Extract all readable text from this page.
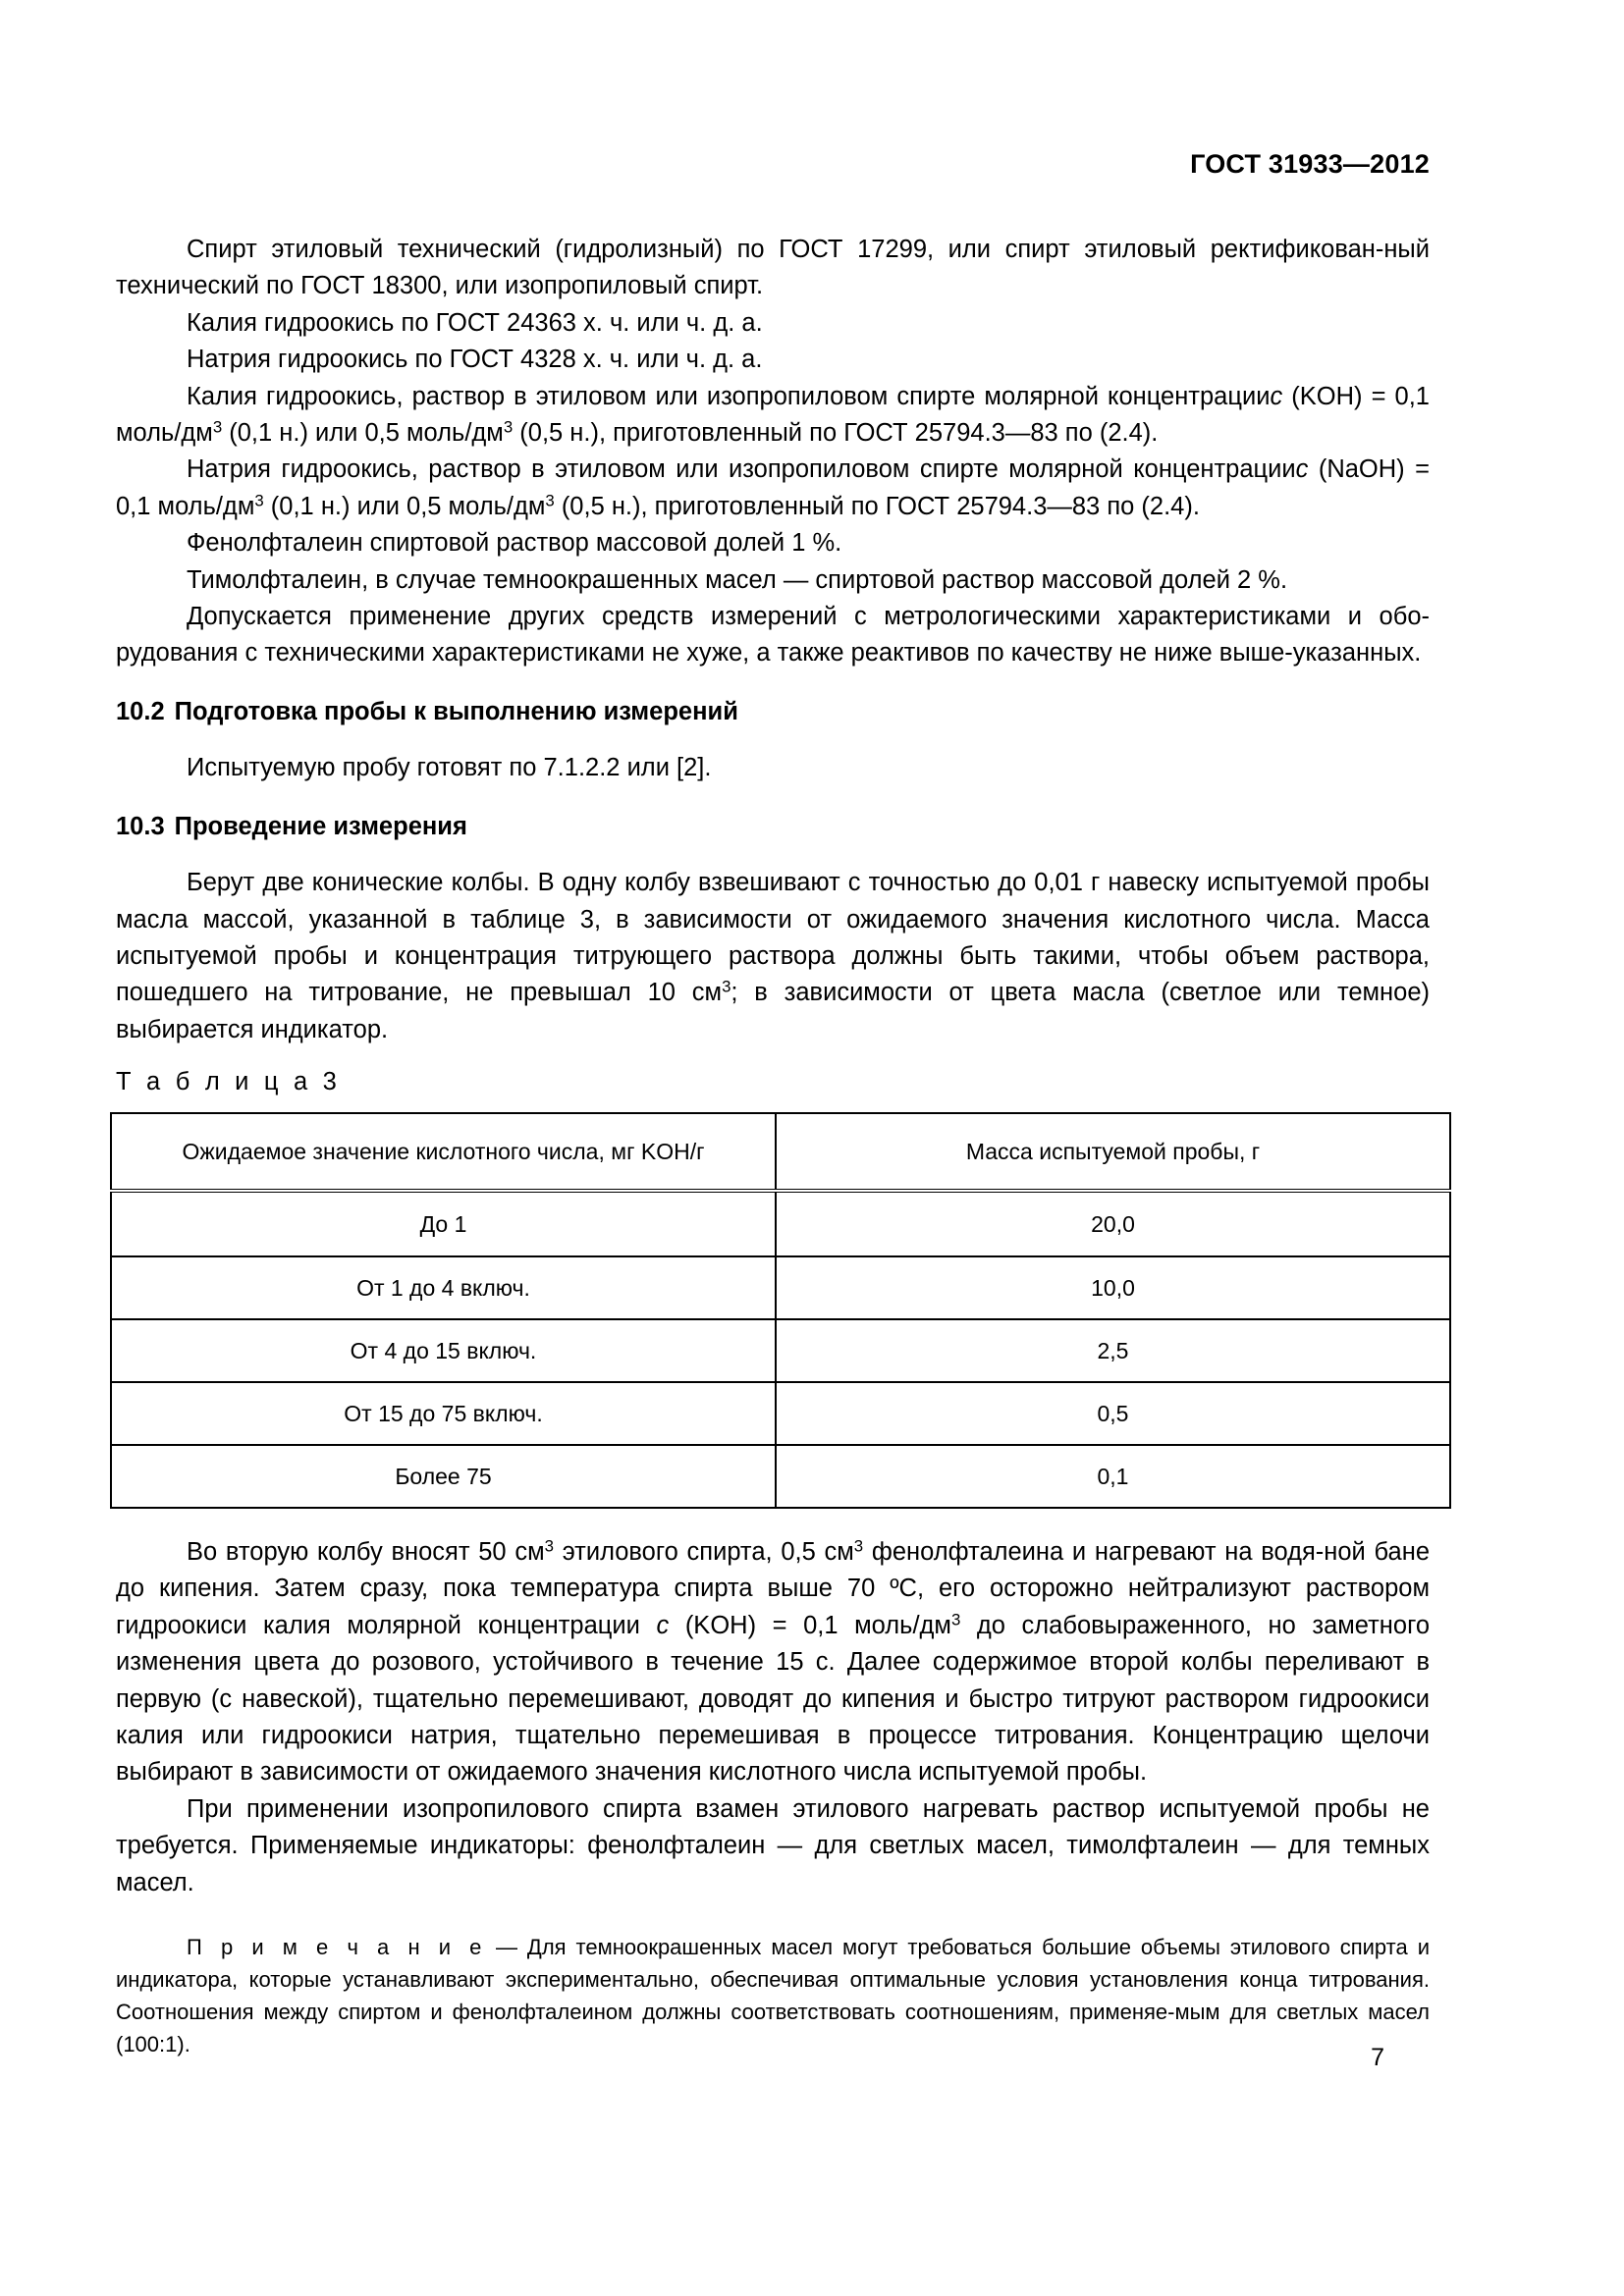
ГОСТ 31933—2012

Спирт этиловый технический (гидролизный) по ГОСТ 17299, или спирт этиловый ректификован-ный технический по ГОСТ 18300, или изопропиловый спирт.

Калия гидроокись по ГОСТ 24363 х. ч. или ч. д. а.

Натрия гидроокись по ГОСТ 4328 х. ч. или ч. д. а.

Калия гидроокись, раствор в этиловом или изопропиловом спирте молярной концентрациис (KOH) = 0,1 моль/$дм^3$ (0,1 н.) или 0,5 моль/$дм^3$ (0,5 н.), приготовленный по ГОСТ 25794.3—83 по (2.4).

Натрия гидроокись, раствор в этиловом или изопропиловом спирте молярной концентрациис (NaOH) = 0,1 моль/$дм^3$ (0,1 н.) или 0,5 моль/$дм^3$ (0,5 н.), приготовленный по ГОСТ 25794.3—83 по (2.4).

Фенолфталеин спиртовой раствор массовой долей 1 %.

Тимолфталеин, в случае темноокрашенных масел — спиртовой раствор массовой долей 2 %.

Допускается применение других средств измерений с метрологическими характеристиками и обо-рудования с техническими характеристиками не хуже, а также реактивов по качеству не ниже выше-указанных.

10.2 Подготовка пробы к выполнению измерений

Испытуемую пробу готовят по 7.1.2.2 или [2].

10.3 Проведение измерения

Берут две конические колбы. В одну колбу взвешивают с точностью до 0,01 г навеску испытуемой пробы масла массой, указанной в таблице 3, в зависимости от ожидаемого значения кислотного числа. Масса испытуемой пробы и концентрация титрующего раствора должны быть такими, чтобы объем раствора, пошедшего на титрование, не превышал 10 $см^3$; в зависимости от цвета масла (светлое или темное) выбирается индикатор.

Т а б л и ц а 3
Ожидаемое значение кислотного числа, мг KOH/г	Масса испытуемой пробы, г
До 1	20,0
От 1 до 4 включ.	10,0
От 4 до 15 включ.	2,5
От 15 до 75 включ.	0,5
Более 75	0,1

Во вторую колбу вносят 50 $см^3$ этилового спирта, 0,5 $см^3$ фенолфталеина и нагревают на водя-ной бане до кипения. Затем сразу, пока температура спирта выше 70 ºС, его осторожно нейтрализуют раствором гидроокиси калия молярной концентрации с (KOH) = 0,1 моль/$дм^3$ до слабовыраженного, но заметного изменения цвета до розового, устойчивого в течение 15 с. Далее содержимое второй колбы переливают в первую (с навеской), тщательно перемешивают, доводят до кипения и быстро титруют раствором гидроокиси калия или гидроокиси натрия, тщательно перемешивая в процессе титрования. Концентрацию щелочи выбирают в зависимости от ожидаемого значения кислотного числа испытуемой пробы.

При применении изопропилового спирта взамен этилового нагревать раствор испытуемой пробы не требуется. Применяемые индикаторы: фенолфталеин — для светлых масел, тимолфталеин — для темных масел.

П р и м е ч а н и е — Для темноокрашенных масел могут требоваться большие объемы этилового спирта и индикатора, которые устанавливают экспериментально, обеспечивая оптимальные условия установления конца титрования. Соотношения между спиртом и фенолфталеином должны соответствовать соотношениям, применяе-мым для светлых масел (100:1).	7
